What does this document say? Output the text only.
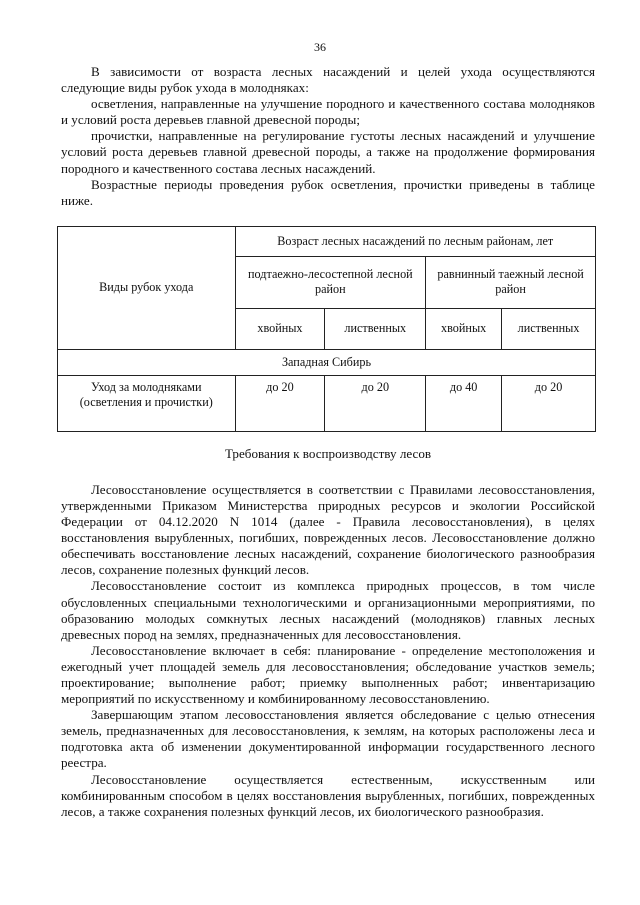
36

В зависимости от возраста лесных насаждений и целей ухода осуществляются следующие виды рубок ухода в молодняках:

осветления, направленные на улучшение породного и качественного состава молодняков и условий роста деревьев главной древесной породы;

прочистки, направленные на регулирование густоты лесных насаждений и улучшение условий роста деревьев главной древесной породы, а также на продолжение формирования породного и качественного состава лесных насаждений.

Возрастные периоды проведения рубок осветления, прочистки приведены в таблице ниже.

Виды рубок ухода	Возраст лесных насаждений по лесным районам, лет			
	подтаежно-лесостепной лесной район		равнинный таежный лесной район	
	хвойных	лиственных	хвойных	лиственных
Западная Сибирь				
Уход за молодняками (осветления и прочистки)	до 20	до 20	до 40	до 20
Требования к воспроизводству лесов

Лесовосстановление осуществляется в соответствии с Правилами лесовосстановления, утвержденными Приказом Министерства природных ресурсов и экологии Российской Федерации от 04.12.2020 N 1014 (далее - Правила лесовосстановления), в целях восстановления вырубленных, погибших, поврежденных лесов. Лесовосстановление должно обеспечивать восстановление лесных насаждений, сохранение биологического разнообразия лесов, сохранение полезных функций лесов.

Лесовосстановление состоит из комплекса природных процессов, в том числе обусловленных специальными технологическими и организационными мероприятиями, по образованию молодых сомкнутых лесных насаждений (молодняков) главных лесных древесных пород на землях, предназначенных для лесовосстановления.

Лесовосстановление включает в себя: планирование - определение местоположения и ежегодный учет площадей земель для лесовосстановления; обследование участков земель; проектирование; выполнение работ; приемку выполненных работ; инвентаризацию мероприятий по искусственному и комбинированному лесовосстановлению.

Завершающим этапом лесовосстановления является обследование с целью отнесения земель, предназначенных для лесовосстановления, к землям, на которых расположены леса и подготовка акта об изменении документированной информации государственного лесного реестра.

Лесовосстановление осуществляется естественным, искусственным или комбинированным способом в целях восстановления вырубленных, погибших, поврежденных лесов, а также сохранения полезных функций лесов, их биологического разнообразия.
